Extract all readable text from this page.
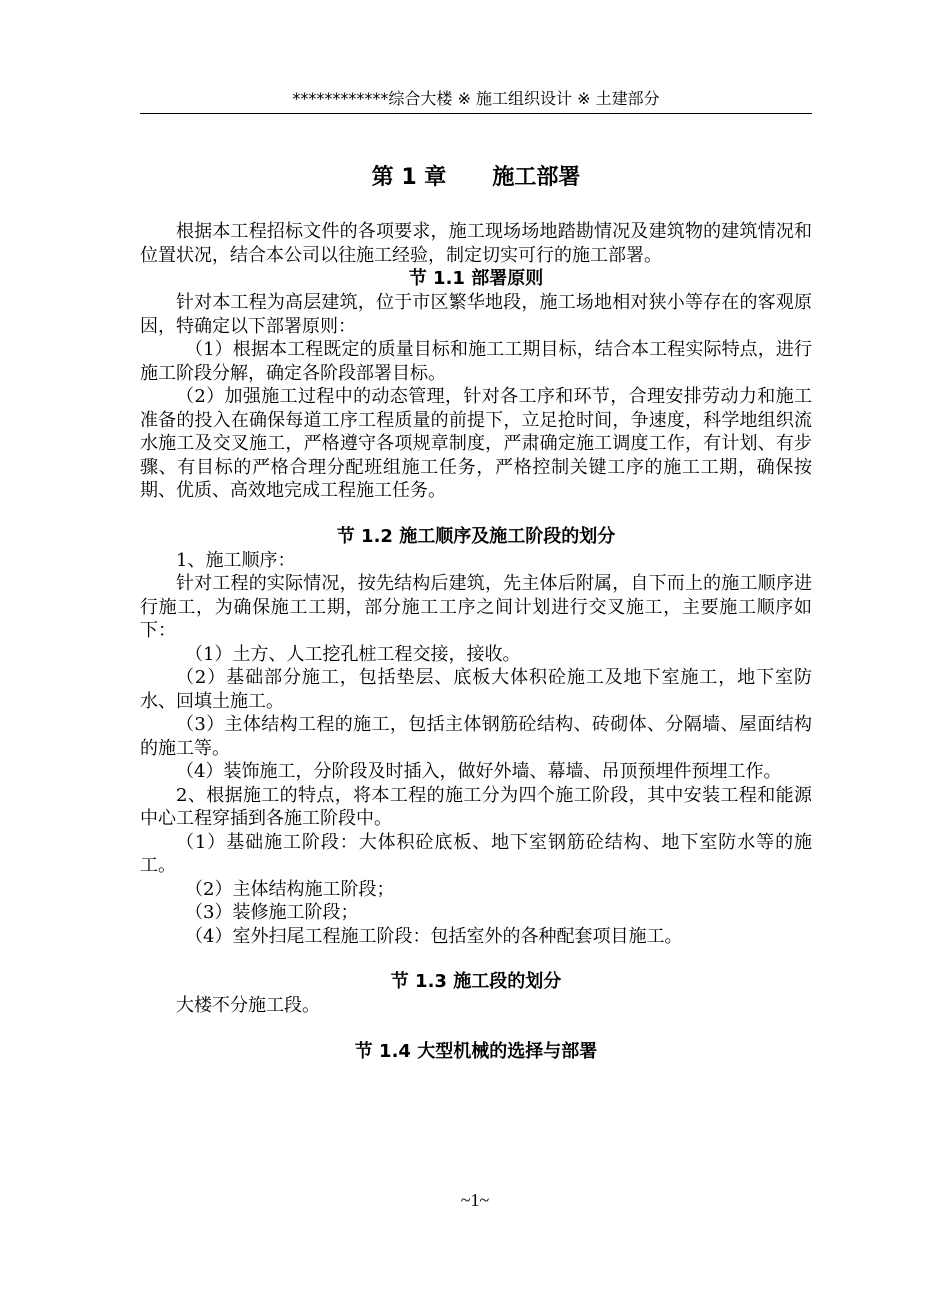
************综合大楼 ※ 施工组织设计 ※ 土建部分
第 1 章 施工部署

根据本工程招标文件的各项要求，施工现场场地踏勘情况及建筑物的建筑情况和位置状况，结合本公司以往施工经验，制定切实可行的施工部署。

节 1.1 部署原则

针对本工程为高层建筑，位于市区繁华地段，施工场地相对狭小等存在的客观原因，特确定以下部署原则：

（1）根据本工程既定的质量目标和施工工期目标，结合本工程实际特点，进行施工阶段分解，确定各阶段部署目标。

（2）加强施工过程中的动态管理，针对各工序和环节，合理安排劳动力和施工准备的投入在确保每道工序工程质量的前提下，立足抢时间，争速度，科学地组织流水施工及交叉施工，严格遵守各项规章制度，严肃确定施工调度工作，有计划、有步骤、有目标的严格合理分配班组施工任务，严格控制关键工序的施工工期，确保按期、优质、高效地完成工程施工任务。

节 1.2 施工顺序及施工阶段的划分

1、施工顺序：

针对工程的实际情况，按先结构后建筑，先主体后附属，自下而上的施工顺序进行施工，为确保施工工期，部分施工工序之间计划进行交叉施工，主要施工顺序如下：

（1）土方、人工挖孔桩工程交接，接收。

（2）基础部分施工，包括垫层、底板大体积砼施工及地下室施工，地下室防水、回填土施工。

（3）主体结构工程的施工，包括主体钢筋砼结构、砖砌体、分隔墙、屋面结构的施工等。

（4）装饰施工，分阶段及时插入，做好外墙、幕墙、吊顶预埋件预埋工作。

2、根据施工的特点，将本工程的施工分为四个施工阶段，其中安装工程和能源中心工程穿插到各施工阶段中。

（1）基础施工阶段：大体积砼底板、地下室钢筋砼结构、地下室防水等的施工。

（2）主体结构施工阶段；

（3）装修施工阶段；

（4）室外扫尾工程施工阶段：包括室外的各种配套项目施工。

节 1.3 施工段的划分

大楼不分施工段。

节 1.4 大型机械的选择与部署
~1~
